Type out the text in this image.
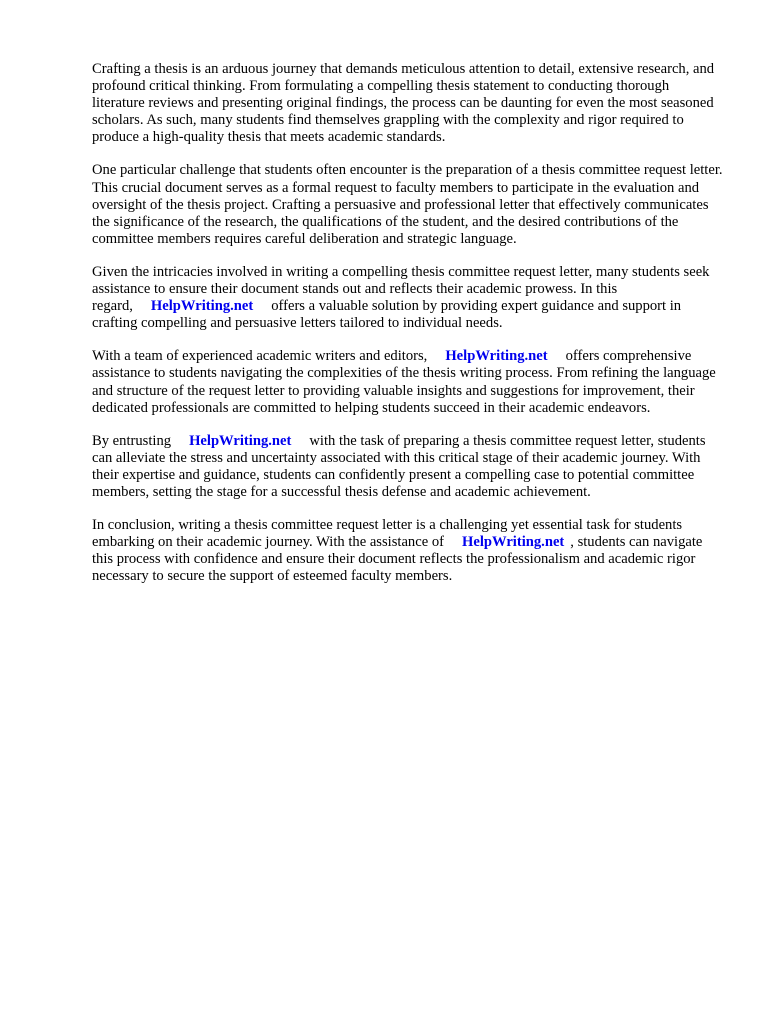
Crafting a thesis is an arduous journey that demands meticulous attention to detail, extensive research, and profound critical thinking. From formulating a compelling thesis statement to conducting thorough literature reviews and presenting original findings, the process can be daunting for even the most seasoned scholars. As such, many students find themselves grappling with the complexity and rigor required to produce a high-quality thesis that meets academic standards.

One particular challenge that students often encounter is the preparation of a thesis committee request letter. This crucial document serves as a formal request to faculty members to participate in the evaluation and oversight of the thesis project. Crafting a persuasive and professional letter that effectively communicates the significance of the research, the qualifications of the student, and the desired contributions of the committee members requires careful deliberation and strategic language.

Given the intricacies involved in writing a compelling thesis committee request letter, many students seek assistance to ensure their document stands out and reflects their academic prowess. In this regard, HelpWriting.net offers a valuable solution by providing expert guidance and support in crafting compelling and persuasive letters tailored to individual needs.

With a team of experienced academic writers and editors, HelpWriting.net offers comprehensive assistance to students navigating the complexities of the thesis writing process. From refining the language and structure of the request letter to providing valuable insights and suggestions for improvement, their dedicated professionals are committed to helping students succeed in their academic endeavors.

By entrusting HelpWriting.net with the task of preparing a thesis committee request letter, students can alleviate the stress and uncertainty associated with this critical stage of their academic journey. With their expertise and guidance, students can confidently present a compelling case to potential committee members, setting the stage for a successful thesis defense and academic achievement.

In conclusion, writing a thesis committee request letter is a challenging yet essential task for students embarking on their academic journey. With the assistance of HelpWriting.net , students can navigate this process with confidence and ensure their document reflects the professionalism and academic rigor necessary to secure the support of esteemed faculty members.
